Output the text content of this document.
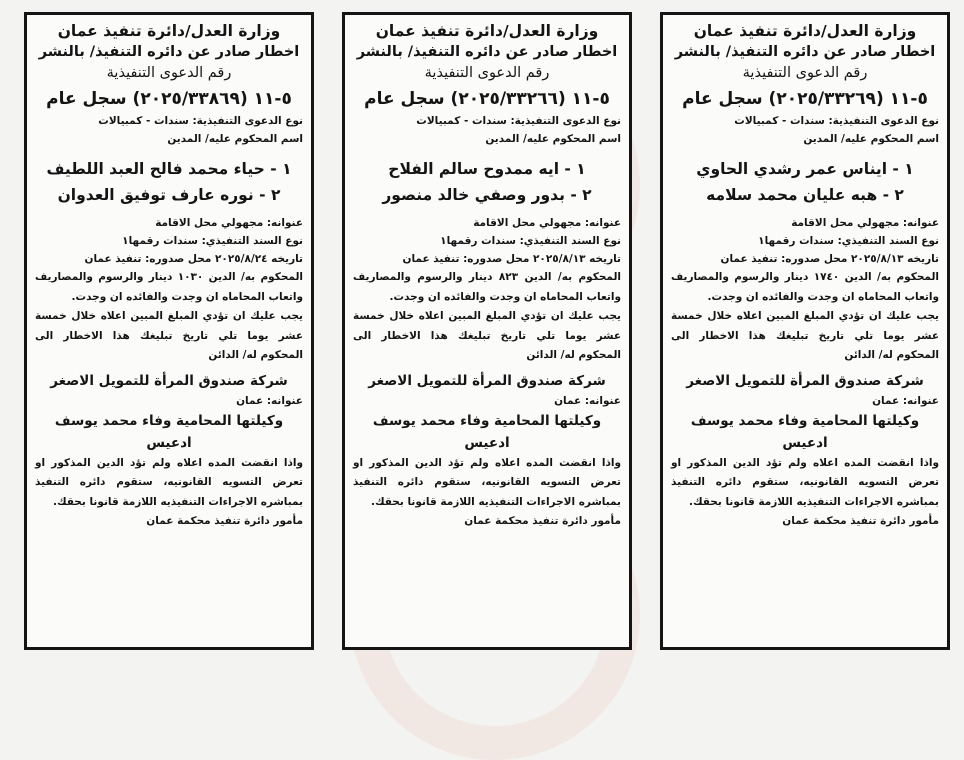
وزارة العدل/دائرة تنفيذ عمان
اخطار صادر عن دائره التنفيذ/ بالنشر
رقم الدعوى التنفيذية
٥-١١ (٢٠٢٥/٣٣٢٦٩) سجل عام
نوع الدعوى التنفيذية: سندات - كمبيالات
اسم المحكوم عليه/ المدين
١ - ايناس عمر رشدي الحاوي
٢ - هبه عليان محمد سلامه
عنوانه: مجهولي محل الاقامة
نوع السند التنفيذي: سندات رقمها١
تاريخه ٢٠٢٥/٨/١٣ محل صدوره: تنفيذ عمان
المحكوم به/ الدين ١٧٤٠ دينار والرسوم والمصاريف واتعاب المحاماه ان وجدت والفائده ان وجدت.
يجب عليك ان تؤدي المبلغ المبين اعلاه خلال خمسة عشر يوما تلي تاريخ تبليغك هذا الاخطار الى المحكوم له/ الدائن
شركة صندوق المرأة للتمويل الاصغر
عنوانه: عمان
وكيلتها المحامية وفاء محمد يوسف ادعيس
واذا انقضت المده اعلاه ولم تؤد الدين المذكور او تعرض التسويه القانونيه، ستقوم دائره التنفيذ بمباشره الاجراءات التنفيذيه اللازمة قانونا بحقك.
مأمور دائرة تنفيذ محكمة عمان
وزارة العدل/دائرة تنفيذ عمان
اخطار صادر عن دائره التنفيذ/ بالنشر
رقم الدعوى التنفيذية
٥-١١ (٢٠٢٥/٣٣٢٦٦) سجل عام
نوع الدعوى التنفيذية: سندات - كمبيالات
اسم المحكوم عليه/ المدين
١ - ايه ممدوح سالم الفلاح
٢ - بدور وصفي خالد منصور
عنوانه: مجهولي محل الاقامة
نوع السند التنفيذي: سندات رقمها١
تاريخه ٢٠٢٥/٨/١٣ محل صدوره: تنفيذ عمان
المحكوم به/ الدين ٨٢٣ دينار والرسوم والمصاريف واتعاب المحاماه ان وجدت والفائده ان وجدت.
يجب عليك ان تؤدي المبلغ المبين اعلاه خلال خمسة عشر يوما تلي تاريخ تبليغك هذا الاخطار الى المحكوم له/ الدائن
شركة صندوق المرأة للتمويل الاصغر
عنوانه: عمان
وكيلتها المحامية وفاء محمد يوسف ادعيس
واذا انقضت المده اعلاه ولم تؤد الدين المذكور او تعرض التسويه القانونيه، ستقوم دائره التنفيذ بمباشره الاجراءات التنفيذيه اللازمة قانونا بحقك.
مأمور دائرة تنفيذ محكمة عمان
وزارة العدل/دائرة تنفيذ عمان
اخطار صادر عن دائره التنفيذ/ بالنشر
رقم الدعوى التنفيذية
٥-١١ (٢٠٢٥/٣٣٨٦٩) سجل عام
نوع الدعوى التنفيذية: سندات - كمبيالات
اسم المحكوم عليه/ المدين
١ - حياء محمد فالح العبد اللطيف
٢ - نوره عارف توفيق العدوان
عنوانه: مجهولي محل الاقامة
نوع السند التنفيذي: سندات رقمها١
تاريخه ٢٠٢٥/٨/٢٤ محل صدوره: تنفيذ عمان
المحكوم به/ الدين ١٠٣٠ دينار والرسوم والمصاريف واتعاب المحاماه ان وجدت والفائده ان وجدت.
يجب عليك ان تؤدي المبلغ المبين اعلاه خلال خمسة عشر يوما تلي تاريخ تبليغك هذا الاخطار الى المحكوم له/ الدائن
شركة صندوق المرأة للتمويل الاصغر
عنوانه: عمان
وكيلتها المحامية وفاء محمد يوسف ادعيس
واذا انقضت المده اعلاه ولم تؤد الدين المذكور او تعرض التسويه القانونيه، ستقوم دائره التنفيذ بمباشره الاجراءات التنفيذيه اللازمة قانونا بحقك.
مأمور دائرة تنفيذ محكمة عمان
